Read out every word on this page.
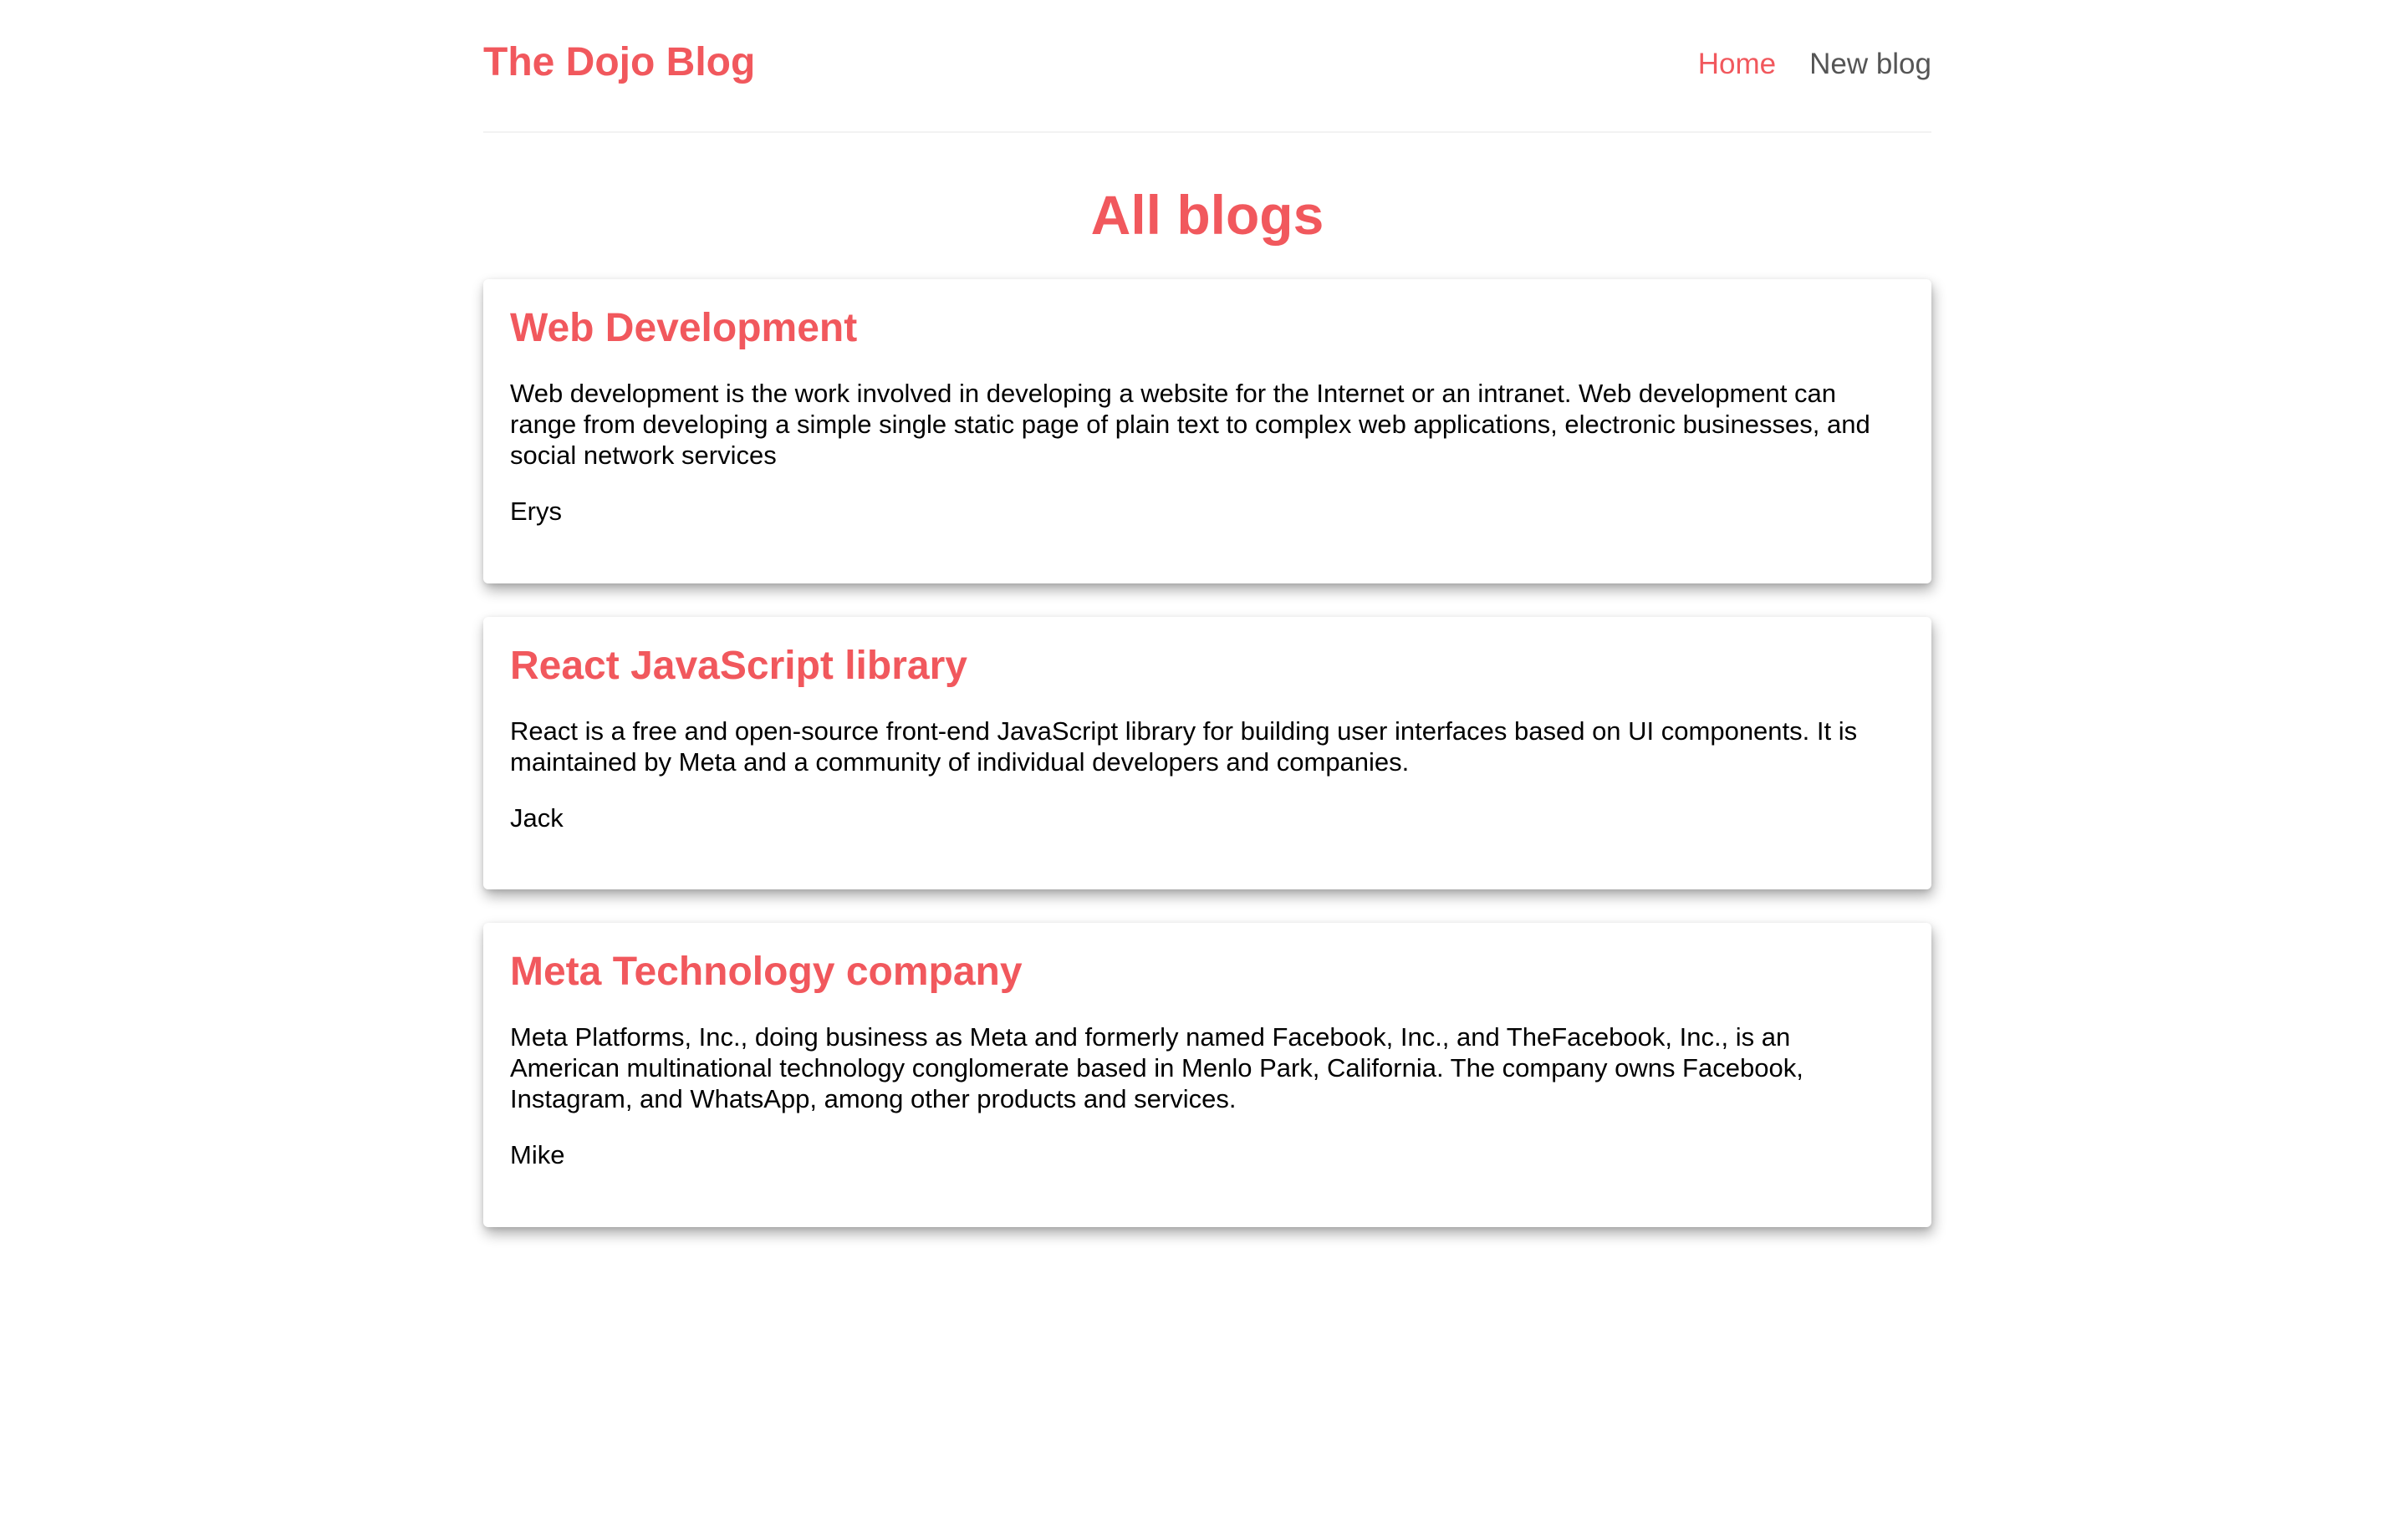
The Dojo Blog	Home New blog
All blogs
Web Development

Web development is the work involved in developing a website for the Internet or an intranet. Web development can range from developing a simple single static page of plain text to complex web applications, electronic businesses, and social network services

Erys

React JavaScript library

React is a free and open-source front-end JavaScript library for building user interfaces based on UI components. It is maintained by Meta and a community of individual developers and companies.

Jack

Meta Technology company

Meta Platforms, Inc., doing business as Meta and formerly named Facebook, Inc., and TheFacebook, Inc., is an American multinational technology conglomerate based in Menlo Park, California. The company owns Facebook, Instagram, and WhatsApp, among other products and services.

Mike
